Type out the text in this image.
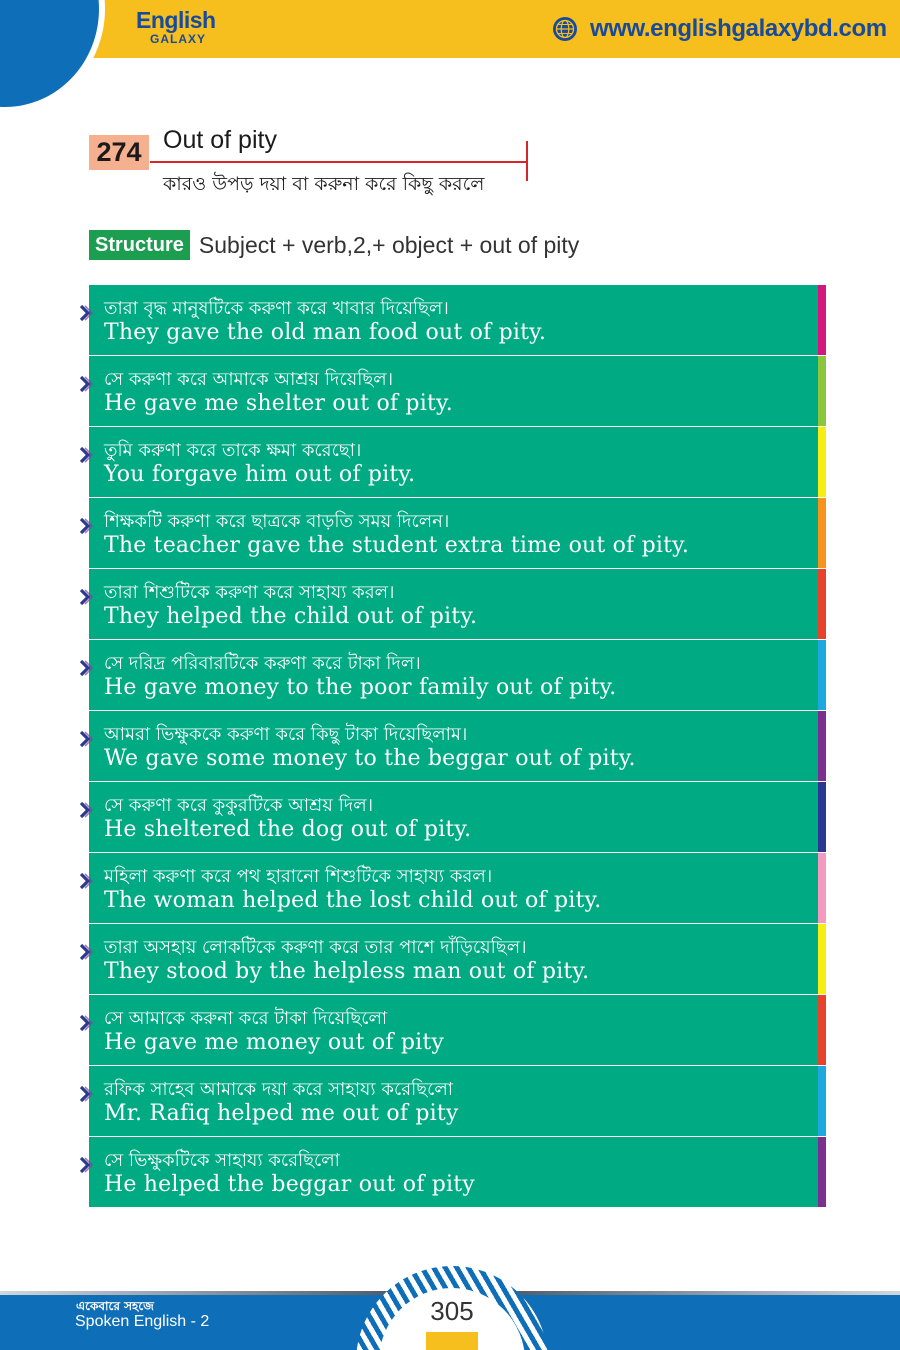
English
GALAXY	www.englishgalaxybd.com
274 Out of pity
কারও উপড় দয়া বা করুনা করে কিছু করলে
Structure Subject + verb,2,+ object + out of pity
তারা বৃদ্ধ মানুষটিকে করুণা করে খাবার দিয়েছিল।
They gave the old man food out of pity.
সে করুণা করে আমাকে আশ্রয় দিয়েছিল।
He gave me shelter out of pity.
তুমি করুণা করে তাকে ক্ষমা করেছো।
You forgave him out of pity.
শিক্ষকটি করুণা করে ছাত্রকে বাড়তি সময় দিলেন।
The teacher gave the student extra time out of pity.
তারা শিশুটিকে করুণা করে সাহায্য করল।
They helped the child out of pity.
সে দরিদ্র পরিবারটিকে করুণা করে টাকা দিল।
He gave money to the poor family out of pity.
আমরা ভিক্ষুককে করুণা করে কিছু টাকা দিয়েছিলাম।
We gave some money to the beggar out of pity.
সে করুণা করে কুকুরটিকে আশ্রয় দিল।
He sheltered the dog out of pity.
মহিলা করুণা করে পথ হারানো শিশুটিকে সাহায্য করল।
The woman helped the lost child out of pity.
তারা অসহায় লোকটিকে করুণা করে তার পাশে দাঁড়িয়েছিল।
They stood by the helpless man out of pity.
সে আমাকে করুনা করে টাকা দিয়েছিলো
He gave me money out of pity
রফিক সাহেব আমাকে দয়া করে সাহায্য করেছিলো
Mr. Rafiq helped me out of pity
সে ভিক্ষুকটিকে সাহায্য করেছিলো
He helped the beggar out of pity
একেবারে সহজে
Spoken English - 2	305
